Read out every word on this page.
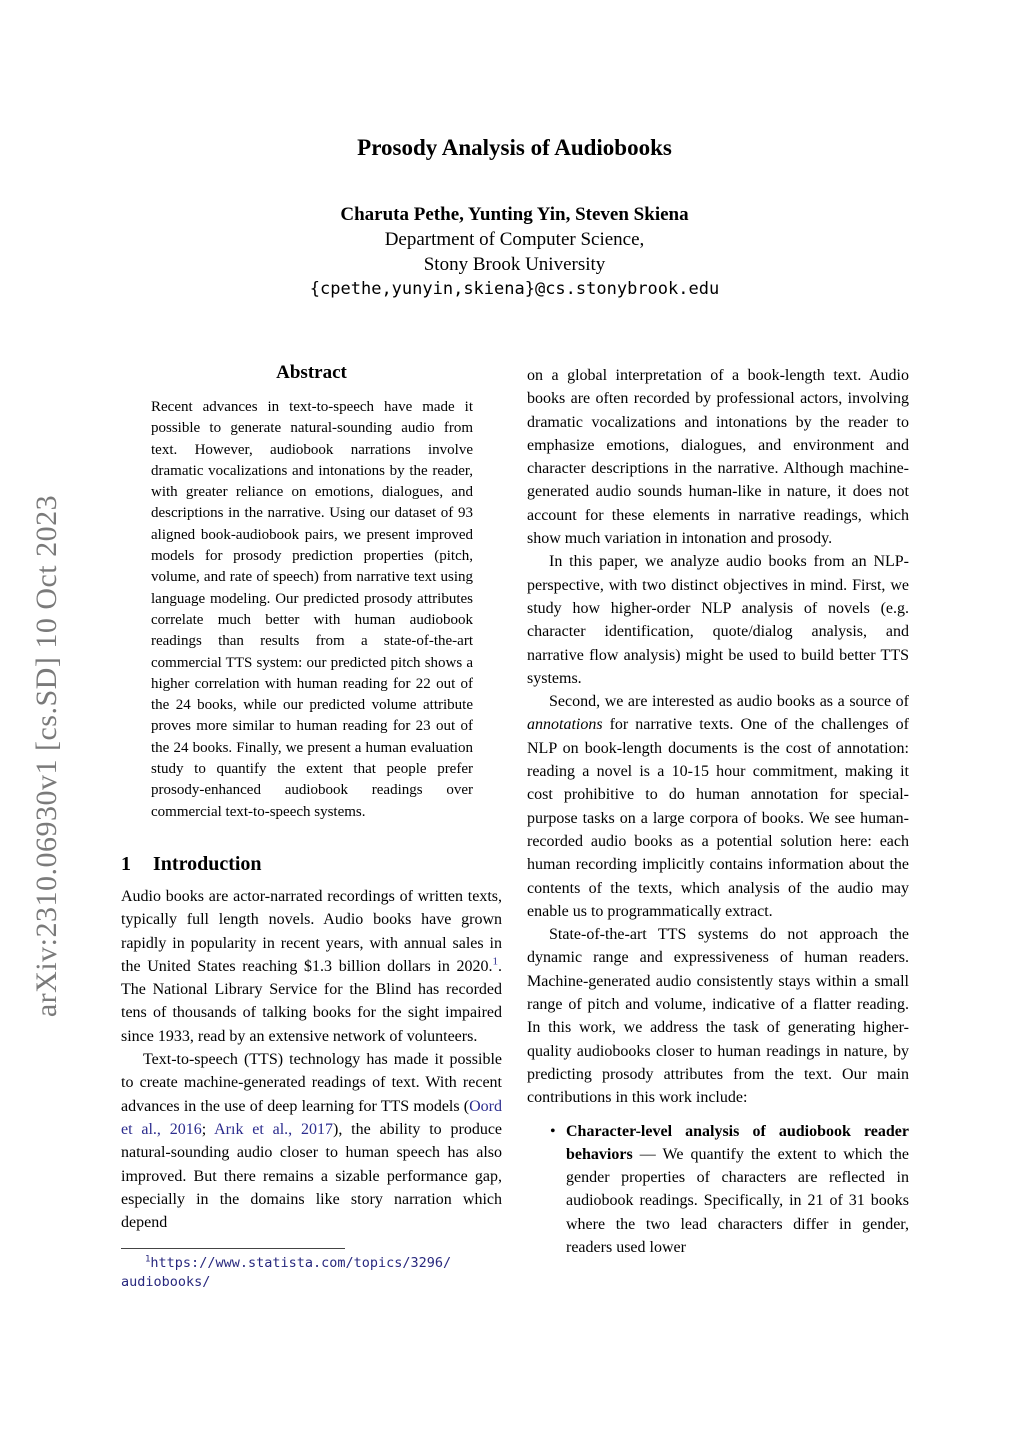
arXiv:2310.06930v1 [cs.SD] 10 Oct 2023
Prosody Analysis of Audiobooks
Charuta Pethe, Yunting Yin, Steven Skiena
Department of Computer Science,
Stony Brook University
{cpethe,yunyin,skiena}@cs.stonybrook.edu
Abstract
Recent advances in text-to-speech have made it possible to generate natural-sounding audio from text. However, audiobook narrations involve dramatic vocalizations and intonations by the reader, with greater reliance on emotions, dialogues, and descriptions in the narrative. Using our dataset of 93 aligned book-audiobook pairs, we present improved models for prosody prediction properties (pitch, volume, and rate of speech) from narrative text using language modeling. Our predicted prosody attributes correlate much better with human audiobook readings than results from a state-of-the-art commercial TTS system: our predicted pitch shows a higher correlation with human reading for 22 out of the 24 books, while our predicted volume attribute proves more similar to human reading for 23 out of the 24 books. Finally, we present a human evaluation study to quantify the extent that people prefer prosody-enhanced audiobook readings over commercial text-to-speech systems.
1 Introduction

Audio books are actor-narrated recordings of written texts, typically full length novels. Audio books have grown rapidly in popularity in recent years, with annual sales in the United States reaching $1.3 billion dollars in 2020.$^1$. The National Library Service for the Blind has recorded tens of thousands of talking books for the sight impaired since 1933, read by an extensive network of volunteers.

Text-to-speech (TTS) technology has made it possible to create machine-generated readings of text. With recent advances in the use of deep learning for TTS models (Oord et al., 2016; Arık et al., 2017), the ability to produce natural-sounding audio closer to human speech has also improved. But there remains a sizable performance gap, especially in the domains like story narration which depend

$^1$https://www.statista.com/topics/3296/
audiobooks/

on a global interpretation of a book-length text. Audio books are often recorded by professional actors, involving dramatic vocalizations and intonations by the reader to emphasize emotions, dialogues, and environment and character descriptions in the narrative. Although machine-generated audio sounds human-like in nature, it does not account for these elements in narrative readings, which show much variation in intonation and prosody.

In this paper, we analyze audio books from an NLP-perspective, with two distinct objectives in mind. First, we study how higher-order NLP analysis of novels (e.g. character identification, quote/dialog analysis, and narrative flow analysis) might be used to build better TTS systems.

Second, we are interested as audio books as a source of annotations for narrative texts. One of the challenges of NLP on book-length documents is the cost of annotation: reading a novel is a 10-15 hour commitment, making it cost prohibitive to do human annotation for special-purpose tasks on a large corpora of books. We see human-recorded audio books as a potential solution here: each human recording implicitly contains information about the contents of the texts, which analysis of the audio may enable us to programmatically extract.

State-of-the-art TTS systems do not approach the dynamic range and expressiveness of human readers. Machine-generated audio consistently stays within a small range of pitch and volume, indicative of a flatter reading. In this work, we address the task of generating higher-quality audiobooks closer to human readings in nature, by predicting prosody attributes from the text. Our main contributions in this work include:

• Character-level analysis of audiobook reader behaviors — We quantify the extent to which the gender properties of characters are reflected in audiobook readings. Specifically, in 21 of 31 books where the two lead characters differ in gender, readers used lower
